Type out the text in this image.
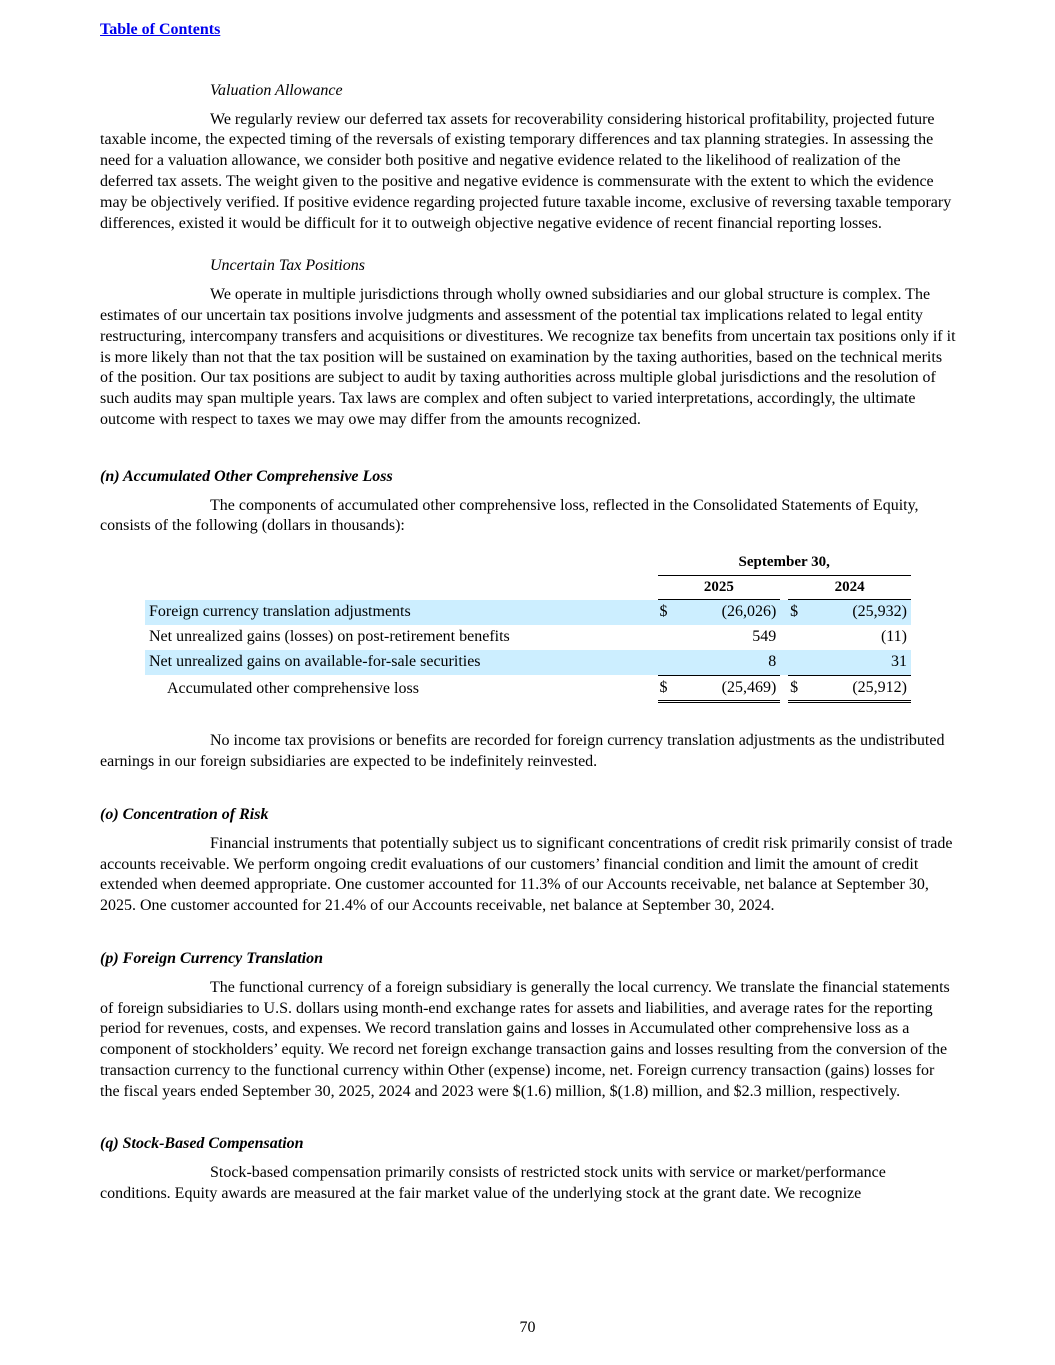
Table of Contents
Valuation Allowance

We regularly review our deferred tax assets for recoverability considering historical profitability, projected future taxable income, the expected timing of the reversals of existing temporary differences and tax planning strategies. In assessing the need for a valuation allowance, we consider both positive and negative evidence related to the likelihood of realization of the deferred tax assets. The weight given to the positive and negative evidence is commensurate with the extent to which the evidence may be objectively verified. If positive evidence regarding projected future taxable income, exclusive of reversing taxable temporary differences, existed it would be difficult for it to outweigh objective negative evidence of recent financial reporting losses.

Uncertain Tax Positions

We operate in multiple jurisdictions through wholly owned subsidiaries and our global structure is complex. The estimates of our uncertain tax positions involve judgments and assessment of the potential tax implications related to legal entity restructuring, intercompany transfers and acquisitions or divestitures. We recognize tax benefits from uncertain tax positions only if it is more likely than not that the tax position will be sustained on examination by the taxing authorities, based on the technical merits of the position. Our tax positions are subject to audit by taxing authorities across multiple global jurisdictions and the resolution of such audits may span multiple years. Tax laws are complex and often subject to varied interpretations, accordingly, the ultimate outcome with respect to taxes we may owe may differ from the amounts recognized.

(n) Accumulated Other Comprehensive Loss

The components of accumulated other comprehensive loss, reflected in the Consolidated Statements of Equity, consists of the following (dollars in thousands):

	September 30,				
	2025			2024	
Foreign currency translation adjustments	$	(26,026)		$	(25,932)
Net unrealized gains (losses) on post-retirement benefits		549			(11)
Net unrealized gains on available-for-sale securities		8			31
Accumulated other comprehensive loss	$	(25,469)		$	(25,912)

No income tax provisions or benefits are recorded for foreign currency translation adjustments as the undistributed earnings in our foreign subsidiaries are expected to be indefinitely reinvested.

(o) Concentration of Risk

Financial instruments that potentially subject us to significant concentrations of credit risk primarily consist of trade accounts receivable. We perform ongoing credit evaluations of our customers’ financial condition and limit the amount of credit extended when deemed appropriate. One customer accounted for 11.3% of our Accounts receivable, net balance at September 30, 2025. One customer accounted for 21.4% of our Accounts receivable, net balance at September 30, 2024.

(p) Foreign Currency Translation

The functional currency of a foreign subsidiary is generally the local currency. We translate the financial statements of foreign subsidiaries to U.S. dollars using month-end exchange rates for assets and liabilities, and average rates for the reporting period for revenues, costs, and expenses. We record translation gains and losses in Accumulated other comprehensive loss as a component of stockholders’ equity. We record net foreign exchange transaction gains and losses resulting from the conversion of the transaction currency to the functional currency within Other (expense) income, net. Foreign currency transaction (gains) losses for the fiscal years ended September 30, 2025, 2024 and 2023 were $(1.6) million, $(1.8) million, and $2.3 million, respectively.

(q) Stock-Based Compensation

Stock-based compensation primarily consists of restricted stock units with service or market/performance conditions. Equity awards are measured at the fair market value of the underlying stock at the grant date. We recognize

70
